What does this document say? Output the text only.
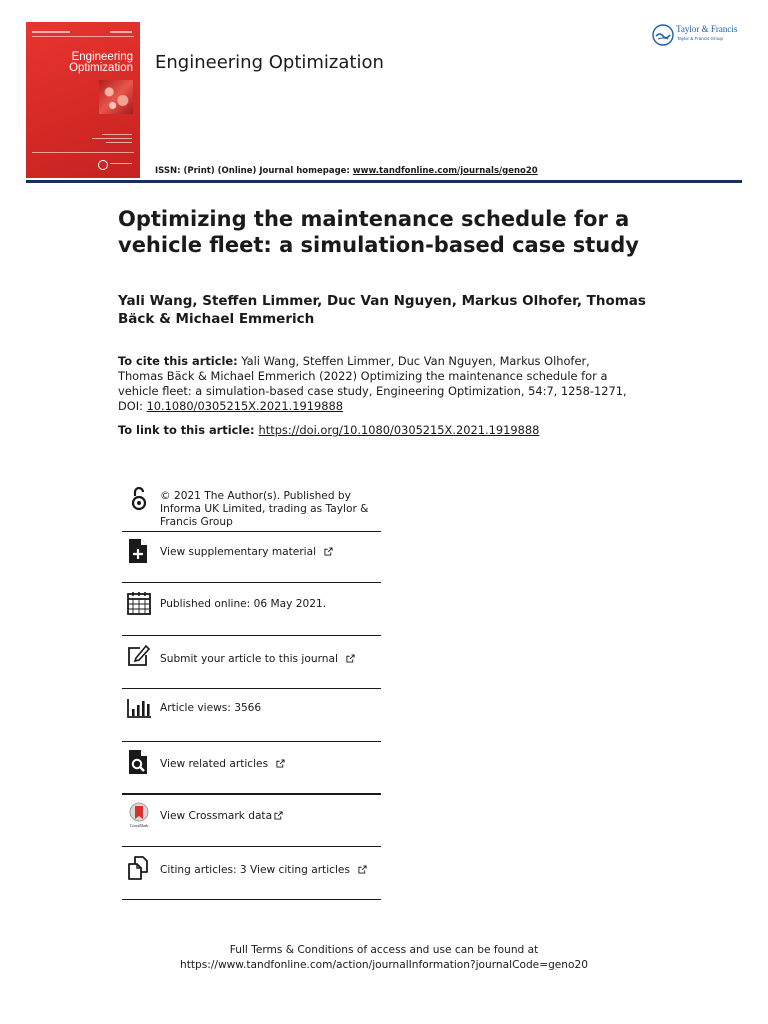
Engineering Optimization Engineering Optimization
ISSN: (Print) (Online) Journal homepage: www.tandfonline.com/journals/geno20
Taylor & Francis
Taylor & Francis Group
Optimizing the maintenance schedule for a vehicle fleet: a simulation-based case study
Yali Wang, Steffen Limmer, Duc Van Nguyen, Markus Olhofer, Thomas Bäck & Michael Emmerich
To cite this article: Yali Wang, Steffen Limmer, Duc Van Nguyen, Markus Olhofer, Thomas Bäck & Michael Emmerich (2022) Optimizing the maintenance schedule for a vehicle fleet: a simulation-based case study, Engineering Optimization, 54:7, 1258-1271, DOI: 10.1080/0305215X.2021.1919888
To link to this article: https://doi.org/10.1080/0305215X.2021.1919888
© 2021 The Author(s). Published by Informa UK Limited, trading as Taylor & Francis Group
View supplementary material
Published online: 06 May 2021.
Submit your article to this journal
Article views: 3566
View related articles
CrossMark
View Crossmark data
Citing articles: 3 View citing articles
Full Terms & Conditions of access and use can be found at
https://www.tandfonline.com/action/journalInformation?journalCode=geno20
